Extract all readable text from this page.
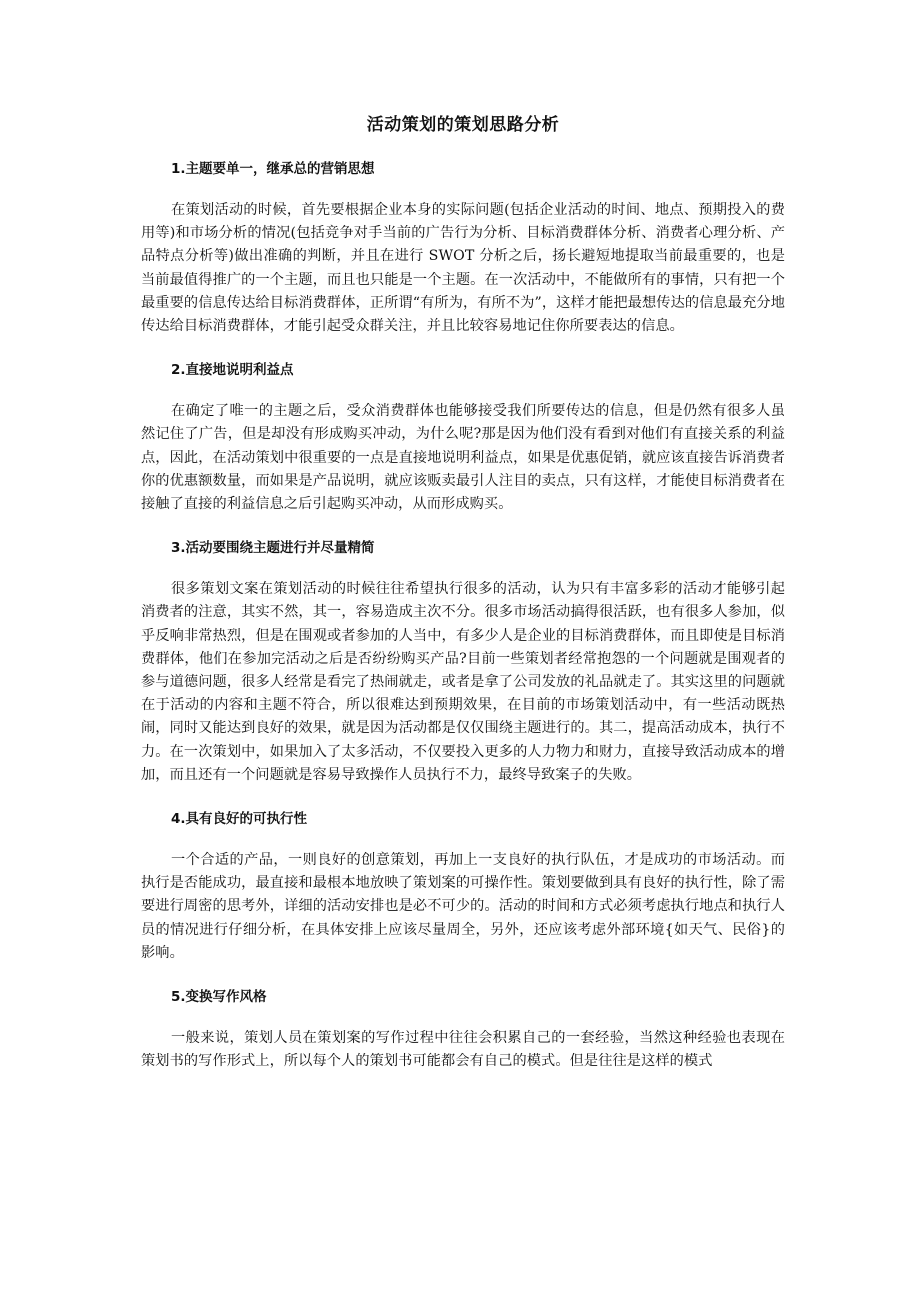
活动策划的策划思路分析
1.主题要单一，继承总的营销思想

在策划活动的时候，首先要根据企业本身的实际问题(包括企业活动的时间、地点、预期投入的费用等)和市场分析的情况(包括竞争对手当前的广告行为分析、目标消费群体分析、消费者心理分析、产品特点分析等)做出准确的判断，并且在进行 SWOT 分析之后，扬长避短地提取当前最重要的，也是当前最值得推广的一个主题，而且也只能是一个主题。在一次活动中，不能做所有的事情，只有把一个最重要的信息传达给目标消费群体，正所谓“有所为，有所不为”，这样才能把最想传达的信息最充分地传达给目标消费群体，才能引起受众群关注，并且比较容易地记住你所要表达的信息。

2.直接地说明利益点

在确定了唯一的主题之后，受众消费群体也能够接受我们所要传达的信息，但是仍然有很多人虽然记住了广告，但是却没有形成购买冲动，为什么呢?那是因为他们没有看到对他们有直接关系的利益点，因此，在活动策划中很重要的一点是直接地说明利益点，如果是优惠促销，就应该直接告诉消费者你的优惠额数量，而如果是产品说明，就应该贩卖最引人注目的卖点，只有这样，才能使目标消费者在接触了直接的利益信息之后引起购买冲动，从而形成购买。

3.活动要围绕主题进行并尽量精简

很多策划文案在策划活动的时候往往希望执行很多的活动，认为只有丰富多彩的活动才能够引起消费者的注意，其实不然，其一，容易造成主次不分。很多市场活动搞得很活跃，也有很多人参加，似乎反响非常热烈，但是在围观或者参加的人当中，有多少人是企业的目标消费群体，而且即使是目标消费群体，他们在参加完活动之后是否纷纷购买产品?目前一些策划者经常抱怨的一个问题就是围观者的参与道德问题，很多人经常是看完了热闹就走，或者是拿了公司发放的礼品就走了。其实这里的问题就在于活动的内容和主题不符合，所以很难达到预期效果，在目前的市场策划活动中，有一些活动既热闹，同时又能达到良好的效果，就是因为活动都是仅仅围绕主题进行的。其二，提高活动成本，执行不力。在一次策划中，如果加入了太多活动，不仅要投入更多的人力物力和财力，直接导致活动成本的增加，而且还有一个问题就是容易导致操作人员执行不力，最终导致案子的失败。

4.具有良好的可执行性

一个合适的产品，一则良好的创意策划，再加上一支良好的执行队伍，才是成功的市场活动。而执行是否能成功，最直接和最根本地放映了策划案的可操作性。策划要做到具有良好的执行性，除了需要进行周密的思考外，详细的活动安排也是必不可少的。活动的时间和方式必须考虑执行地点和执行人员的情况进行仔细分析，在具体安排上应该尽量周全，另外，还应该考虑外部环境{如天气、民俗}的影响。

5.变换写作风格

一般来说，策划人员在策划案的写作过程中往往会积累自己的一套经验，当然这种经验也表现在策划书的写作形式上，所以每个人的策划书可能都会有自己的模式。但是往往是这样的模式
